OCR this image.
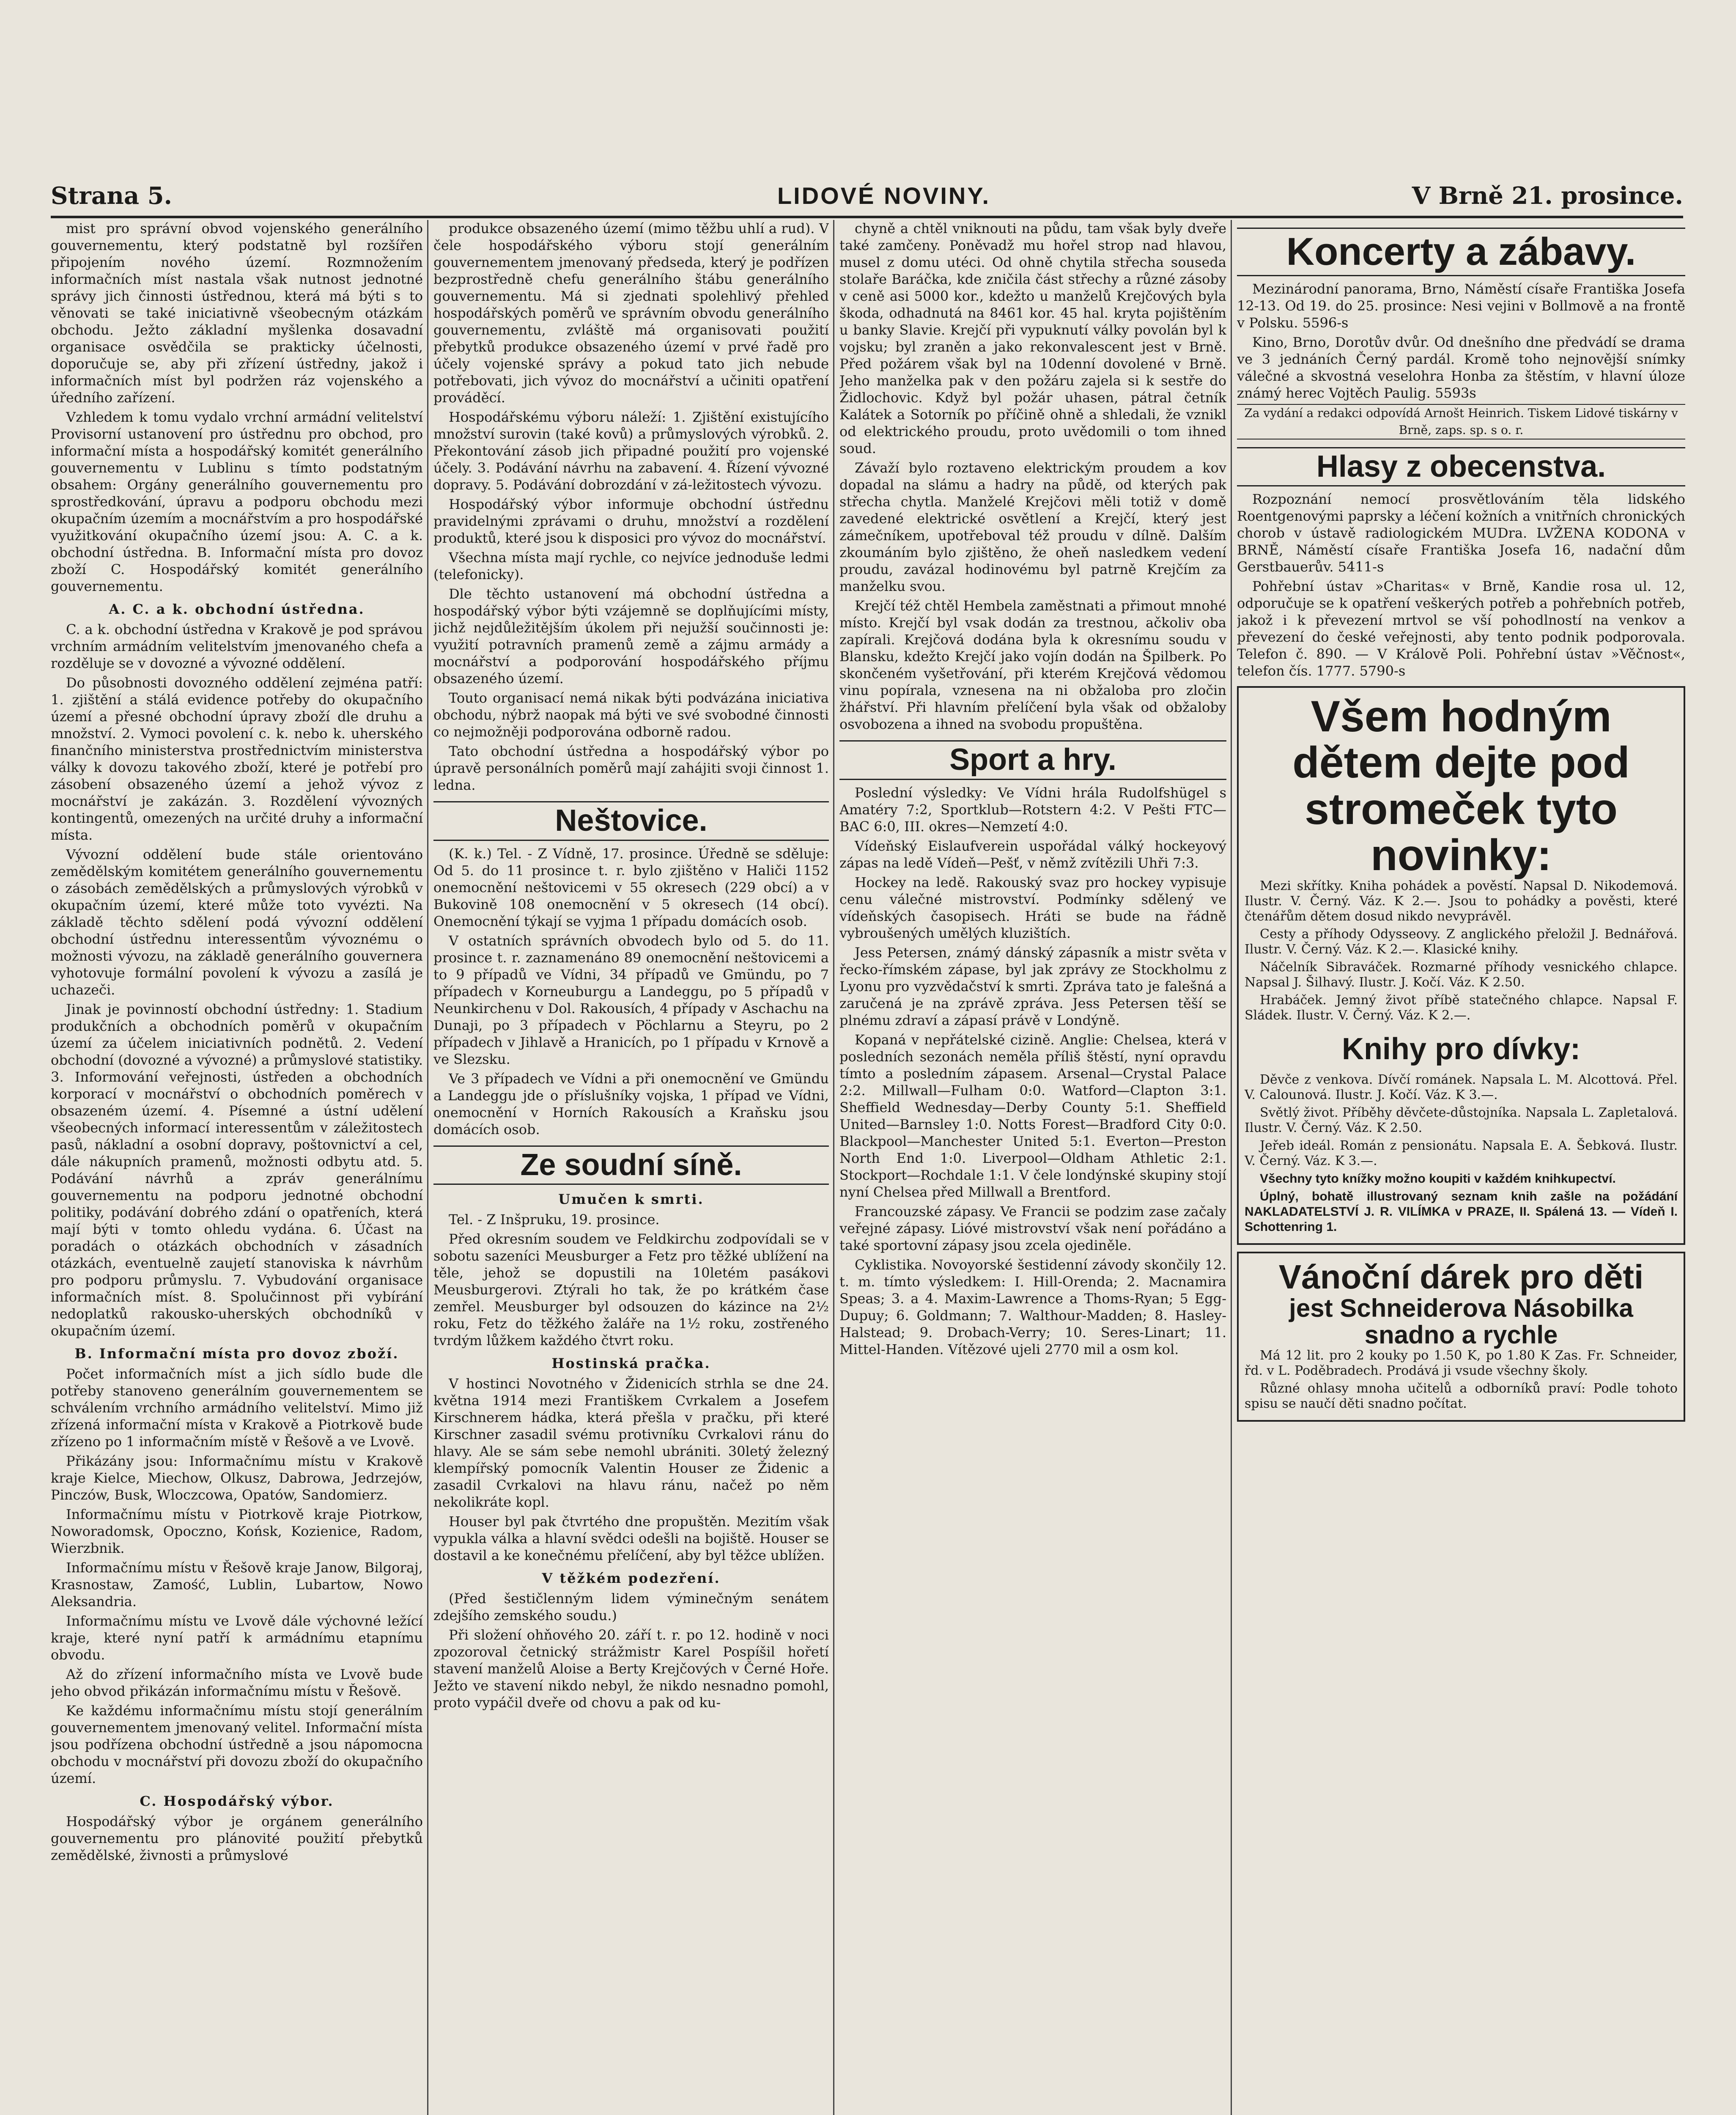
Strana 5.	LIDOVÉ NOVINY.	V Brně 21. prosince.

mist pro správní obvod vojenského generálního gouvernementu, který podstatně byl rozšířen připojením nového území. Rozmnožením informačních míst nastala však nutnost jednotné správy jich činnosti ústřednou, která má býti s to věnovati se také iniciativně všeobecným otázkám obchodu. Ježto základní myšlenka dosavadní organisace osvědčila se prakticky účelnosti, doporučuje se, aby při zřízení ústředny, jakož i informačních míst byl podržen ráz vojenského a úředního zařízení.

Vzhledem k tomu vydalo vrchní armádní velitelství Provisorní ustanovení pro ústřednu pro obchod, pro informační místa a hospodářský komitét generálního gouvernementu v Lublinu s tímto podstatným obsahem: Orgány generálního gouvernementu pro sprostředkování, úpravu a podporu obchodu mezi okupačním územím a mocnářstvím a pro hospodářské využitkování okupačního území jsou: A. C. a k. obchodní ústředna. B. Informační místa pro dovoz zboží C. Hospodářský komitét generálního gouvernementu.

A. C. a k. obchodní ústředna.

C. a k. obchodní ústředna v Krakově je pod správou vrchním armádním velitelstvím jmenovaného chefa a rozděluje se v dovozné a vývozné oddělení.

Do působnosti dovozného oddělení zejména patří: 1. zjištění a stálá evidence potřeby do okupačního území a přesné obchodní úpravy zboží dle druhu a množství. 2. Vymoci povolení c. k. nebo k. uherského finančního ministerstva prostřednictvím ministerstva války k dovozu takového zboží, které je potřebí pro zásobení obsazeného území a jehož vývoz z mocnářství je zakázán. 3. Rozdělení vývozných kontingentů, omezených na určité druhy a informační místa.

Vývozní oddělení bude stále orientováno zemědělským komitétem generálního gouvernementu o zásobách zemědělských a průmyslových výrobků v okupačním území, které může toto vyvézti. Na základě těchto sdělení podá vývozní oddělení obchodní ústřednu interessentům vývoznému o možnosti vývozu, na základě generálního gouvernera vyhotovuje formální povolení k vývozu a zasílá je uchazeči.

Jinak je povinností obchodní ústředny: 1. Stadium produkčních a obchodních poměrů v okupačním území za účelem iniciativních podnětů. 2. Vedení obchodní (dovozné a vývozné) a průmyslové statistiky. 3. Informování veřejnosti, ústředen a obchodních korporací v mocnářství o obchodních poměrech v obsazeném území. 4. Písemné a ústní udělení všeobecných informací interessentům v záležitostech pasů, nákladní a osobní dopravy, poštovnictví a cel, dále nákupních pramenů, možnosti odbytu atd. 5. Podávání návrhů a zpráv generálnímu gouvernementu na podporu jednotné obchodní politiky, podávání dobrého zdání o opatřeních, která mají býti v tomto ohledu vydána. 6. Účast na poradách o otázkách obchodních v zásadních otázkách, eventuelně zaujetí stanoviska k návrhům pro podporu průmyslu. 7. Vybudování organisace informačních míst. 8. Spolučinnost při vybírání nedoplatků rakousko-uherských obchodníků v okupačním území.

B. Informační místa pro dovoz zboží.

Počet informačních míst a jich sídlo bude dle potřeby stanoveno generálním gouvernementem se schválením vrchního armádního velitelství. Mimo již zřízená informační místa v Krakově a Piotrkově bude zřízeno po 1 informačním místě v Řešově a ve Lvově.

Přikázány jsou: Informačnímu místu v Krakově kraje Kielce, Miechow, Olkusz, Dabrowa, Jedrzejów, Pinczów, Busk, Wloczcowa, Opatów, Sandomierz.

Informačnímu místu v Piotrkově kraje Piotrkow, Noworadomsk, Opoczno, Końsk, Kozienice, Radom, Wierzbnik.

Informačnímu místu v Řešově kraje Janow, Bilgoraj, Krasnostaw, Zamość, Lublin, Lubartow, Nowo Aleksandria.

Informačnímu místu ve Lvově dále výchovné ležící kraje, které nyní patří k armádnímu etapnímu obvodu.

Až do zřízení informačního místa ve Lvově bude jeho obvod přikázán informačnímu místu v Řešově.

Ke každému informačnímu místu stojí generálním gouvernementem jmenovaný velitel. Informační místa jsou podřízena obchodní ústředně a jsou nápomocna obchodu v mocnářství při dovozu zboží do okupačního území.

C. Hospodářský výbor.

Hospodářský výbor je orgánem generálního gouvernementu pro plánovité použití přebytků zemědělské, živnosti a průmyslové

produkce obsazeného území (mimo těžbu uhlí a rud). V čele hospodářského výboru stojí generálním gouvernementem jmenovaný předseda, který je podřízen bezprostředně chefu generálního štábu generálního gouvernementu. Má si zjednati spolehlivý přehled hospodářských poměrů ve správním obvodu generálního gouvernementu, zvláště má organisovati použití přebytků produkce obsazeného území v prvé řadě pro účely vojenské správy a pokud tato jich nebude potřebovati, jich vývoz do mocnářství a učiniti opatření prováděcí.

Hospodářskému výboru náleží: 1. Zjištění existujícího množství surovin (také kovů) a průmyslových výrobků. 2. Překontování zásob jich připadné použití pro vojenské účely. 3. Podávání návrhu na zabavení. 4. Řízení vývozné dopravy. 5. Podávání dobrozdání v zá-ležitostech vývozu.

Hospodářský výbor informuje obchodní ústřednu pravidelnými zprávami o druhu, množství a rozdělení produktů, které jsou k disposici pro vývoz do mocnářství.

Všechna místa mají rychle, co nejvíce jednoduše ledmi (telefonicky).

Dle těchto ustanovení má obchodní ústředna a hospodářský výbor býti vzájemně se doplňujícími místy, jichž nejdůležitějším úkolem při nejužší součinnosti je: využití potravních pramenů země a zájmu armády a mocnářství a podporování hospodářského příjmu obsazeného území.

Touto organisací nemá nikak býti podvázána iniciativa obchodu, nýbrž naopak má býti ve své svobodné činnosti co nejmožněji podporována odborně radou.

Tato obchodní ústředna a hospodářský výbor po úpravě personálních poměrů mají zahájiti svoji činnost 1. ledna.

Neštovice.

(K. k.) Tel. - Z Vídně, 17. prosince. Úředně se sděluje: Od 5. do 11 prosince t. r. bylo zjištěno v Haliči 1152 onemocnění neštovicemi v 55 okresech (229 obcí) a v Bukovině 108 onemocnění v 5 okresech (14 obcí). Onemocnění týkají se vyjma 1 případu domácích osob.

V ostatních správních obvodech bylo od 5. do 11. prosince t. r. zaznamenáno 89 onemocnění neštovicemi a to 9 případů ve Vídni, 34 případů ve Gmündu, po 7 případech v Korneuburgu a Landeggu, po 5 případů v Neunkirchenu v Dol. Rakousích, 4 případy v Aschachu na Dunaji, po 3 případech v Pöchlarnu a Steyru, po 2 případech v Jihlavě a Hranicích, po 1 případu v Krnově a ve Slezsku.

Ve 3 případech ve Vídni a při onemocnění ve Gmündu a Landeggu jde o příslušníky vojska, 1 případ ve Vídni, onemocnění v Horních Rakousích a Kraňsku jsou domácích osob.

Ze soudní síně.
Umučen k smrti.

Tel. - Z Inšpruku, 19. prosince.

Před okresním soudem ve Feldkirchu zodpovídali se v sobotu sazeníci Meusburger a Fetz pro těžké ublížení na těle, jehož se dopustili na 10letém pasákovi Meusburgerovi. Ztýrali ho tak, že po krátkém čase zemřel. Meusburger byl odsouzen do kázince na 2½ roku, Fetz do těžkého žaláře na 1½ roku, zostřeného tvrdým lůžkem každého čtvrt roku.

Hostinská pračka.

V hostinci Novotného v Židenicích strhla se dne 24. května 1914 mezi Františkem Cvrkalem a Josefem Kirschnerem hádka, která přešla v pračku, při které Kirschner zasadil svému protivníku Cvrkalovi ránu do hlavy. Ale se sám sebe nemohl ubrániti. 30letý železný klempířský pomocník Valentin Houser ze Židenic a zasadil Cvrkalovi na hlavu ránu, načež po něm nekolikráte kopl.

Houser byl pak čtvrtého dne propuštěn. Mezitím však vypukla válka a hlavní svědci odešli na bojiště. Houser se dostavil a ke konečnému přelíčení, aby byl těžce ublížen.

V těžkém podezření.

(Před šestičlenným lidem výminečným senátem zdejšího zemského soudu.)

Při složení ohňového 20. září t. r. po 12. hodině v noci zpozoroval četnický strážmistr Karel Pospíšil hořetí stavení manželů Aloise a Berty Krejčových v Černé Hoře. Ježto ve stavení nikdo nebyl, že nikdo nesnadno pomohl, proto vypáčil dveře od chovu a pak od ku-

chyně a chtěl vniknouti na půdu, tam však byly dveře také zamčeny. Poněvadž mu hořel strop nad hlavou, musel z domu utéci. Od ohně chytila střecha souseda stolaře Baráčka, kde zničila část střechy a různé zásoby v ceně asi 5000 kor., kdežto u manželů Krejčových byla škoda, odhadnutá na 8461 kor. 45 hal. kryta pojištěním u banky Slavie. Krejčí při vypuknutí války povolán byl k vojsku; byl zraněn a jako rekonvalescent jest v Brně. Před požárem však byl na 10denní dovolené v Brně. Jeho manželka pak v den požáru zajela si k sestře do Židlochovic. Když byl požár uhasen, pátral četník Kalátek a Sotorník po příčině ohně a shledali, že vznikl od elektrického proudu, proto uvědomili o tom ihned soud.

Závaží bylo roztaveno elektrickým proudem a kov dopadal na slámu a hadry na půdě, od kterých pak střecha chytla. Manželé Krejčovi měli totiž v domě zavedené elektrické osvětlení a Krejčí, který jest zámečníkem, upotřeboval též proudu v dílně. Dalším zkoumáním bylo zjištěno, že oheň nasledkem vedení proudu, zavázal hodinovému byl patrně Krejčím za manželku svou.

Krejčí též chtěl Hembela zaměstnati a přimout mnohé místo. Krejčí byl vsak dodán za trestnou, ačkoliv oba zapírali. Krejčová dodána byla k okresnímu soudu v Blansku, kdežto Krejčí jako vojín dodán na Špilberk. Po skončeném vyšetřování, při kterém Krejčová vědomou vinu popírala, vznesena na ni obžaloba pro zločin žhářství. Při hlavním přelíčení byla však od obžaloby osvobozena a ihned na svobodu propuštěna.

Sport a hry.

Poslední výsledky: Ve Vídni hrála Rudolfshügel s Amatéry 7:2, Sportklub—Rotstern 4:2. V Pešti FTC—BAC 6:0, III. okres—Nemzetí 4:0.

Vídeňský Eislaufverein uspořádal válký hockeyový zápas na ledě Vídeň—Pešť, v němž zvítězili Uhři 7:3.

Hockey na ledě. Rakouský svaz pro hockey vypisuje cenu válečné mistrovství. Podmínky sdělený ve vídeňských časopisech. Hráti se bude na řádně vybroušených umělých kluzištích.

Jess Petersen, známý dánský zápasník a mistr světa v řecko-římském zápase, byl jak zprávy ze Stockholmu z Lyonu pro vyzvědačství k smrti. Zpráva tato je falešná a zaručená je na zprávě zpráva. Jess Petersen těší se plnému zdraví a zápasí právě v Londýně.

Kopaná v nepřátelské cizině. Anglie: Chelsea, která v posledních sezonách neměla příliš štěstí, nyní opravdu tímto a posledním zápasem. Arsenal—Crystal Palace 2:2. Millwall—Fulham 0:0. Watford—Clapton 3:1. Sheffield Wednesday—Derby County 5:1. Sheffield United—Barnsley 1:0. Notts Forest—Bradford City 0:0. Blackpool—Manchester United 5:1. Everton—Preston North End 1:0. Liverpool—Oldham Athletic 2:1. Stockport—Rochdale 1:1. V čele londýnské skupiny stojí nyní Chelsea před Millwall a Brentford.

Francouzské zápasy. Ve Francii se podzim zase začaly veřejné zápasy. Lióvé mistrovství však není pořádáno a také sportovní zápasy jsou zcela ojediněle.

Cyklistika. Novoyorské šestidenní závody skončily 12. t. m. tímto výsledkem: I. Hill-Orenda; 2. Macnamira Speas; 3. a 4. Maxim-Lawrence a Thoms-Ryan; 5 Egg-Dupuy; 6. Goldmann; 7. Walthour-Madden; 8. Hasley-Halstead; 9. Drobach-Verry; 10. Seres-Linart; 11. Mittel-Handen. Vítězové ujeli 2770 mil a osm kol.

Koncerty a zábavy.

Mezinárodní panorama, Brno, Náměstí císaře Františka Josefa 12-13. Od 19. do 25. prosince: Nesi vejini v Bollmově a na frontě v Polsku. 5596-s

Kino, Brno, Dorotův dvůr. Od dnešního dne předvádí se drama ve 3 jednáních Černý pardál. Kromě toho nejnovější snímky válečné a skvostná veselohra Honba za štěstím, v hlavní úloze známý herec Vojtěch Paulig. 5593s

Za vydání a redakci odpovídá Arnošt Heinrich. Tiskem Lidové tiskárny v Brně, zaps. sp. s o. r.

Hlasy z obecenstva.

Rozpoznání nemocí prosvětlováním těla lidského Roentgenovými paprsky a léčení kožních a vnitřních chronických chorob v ústavě radiologickém MUDra. LVŽENA KODONA v BRNĚ, Náměstí císaře Františka Josefa 16, nadační dům Gerstbauerův. 5411-s

Pohřební ústav »Charitas« v Brně, Kandie rosa ul. 12, odporučuje se k opatření veškerých potřeb a pohřebních potřeb, jakož i k převezení mrtvol se vší pohodlností na venkov a převezení do české veřejnosti, aby tento podnik podporovala. Telefon č. 890. — V Králově Poli. Pohřební ústav »Věčnost«, telefon čís. 1777. 5790-s

Všem hodným dětem dejte pod stromeček tyto novinky:

Mezi skřítky. Kniha pohádek a pověstí. Napsal D. Nikodemová. Ilustr. V. Černý. Váz. K 2.—. Jsou to pohádky a pověsti, které čtenářům dětem dosud nikdo nevyprávěl.

Cesty a příhody Odysseovy. Z anglického přeložil J. Bednářová. Ilustr. V. Černý. Váz. K 2.—. Klasické knihy.

Náčelník Sibraváček. Rozmarné příhody vesnického chlapce. Napsal J. Šilhavý. Ilustr. J. Kočí. Váz. K 2.50.

Hrabáček. Jemný život příbě statečného chlapce. Napsal F. Sládek. Ilustr. V. Černý. Váz. K 2.—.

Knihy pro dívky:

Děvče z venkova. Dívčí románek. Napsala L. M. Alcottová. Přel. V. Calounová. Ilustr. J. Kočí. Váz. K 3.—.

Světlý život. Příběhy děvčete-důstojníka. Napsala L. Zapletalová. Ilustr. V. Černý. Váz. K 2.50.

Jeřeb ideál. Román z pensionátu. Napsala E. A. Šebková. Ilustr. V. Černý. Váz. K 3.—.

Všechny tyto knížky možno koupiti v každém knihkupectví.

Úplný, bohatě illustrovaný seznam knih zašle na požádání NAKLADATELSTVÍ J. R. VILÍMKA v PRAZE, II. Spálená 13. — Vídeň I. Schottenring 1.

Vánoční dárek pro děti
jest Schneiderova Násobilka snadno a rychle

Má 12 lit. pro 2 kouky po 1.50 K, po 1.80 K Zas. Fr. Schneider, řd. v L. Poděbradech. Prodává ji vsude všechny školy.

Různé ohlasy mnoha učitelů a odborníků praví: Podle tohoto spisu se naučí děti snadno počítat.
